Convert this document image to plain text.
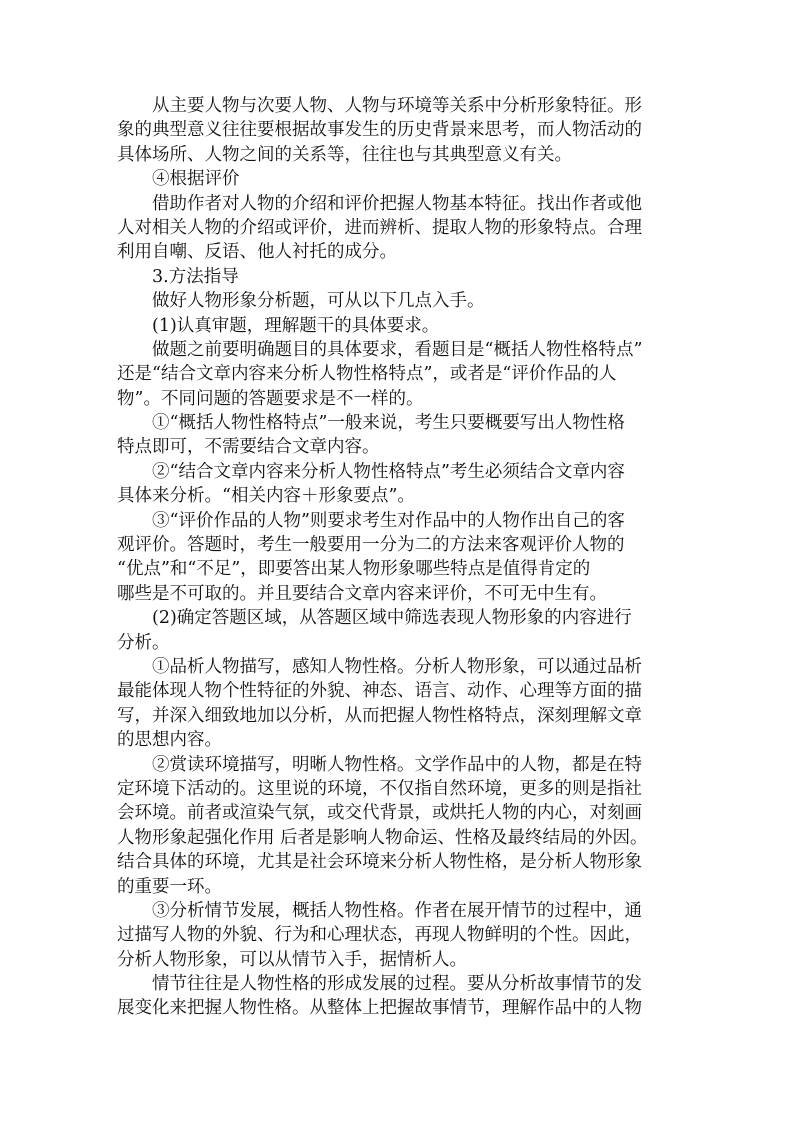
从主要人物与次要人物、人物与环境等关系中分析形象特征。形
象的典型意义往往要根据故事发生的历史背景来思考，而人物活动的
具体场所、人物之间的关系等，往往也与其典型意义有关。
④根据评价
借助作者对人物的介绍和评价把握人物基本特征。找出作者或他
人对相关人物的介绍或评价，进而辨析、提取人物的形象特点。合理
利用自嘲、反语、他人衬托的成分。
3.方法指导
做好人物形象分析题，可从以下几点入手。
(1)认真审题，理解题干的具体要求。
做题之前要明确题目的具体要求，看题目是“概括人物性格特点”
还是“结合文章内容来分析人物性格特点”，或者是“评价作品的人
物”。不同问题的答题要求是不一样的。
①“概括人物性格特点”一般来说，考生只要概要写出人物性格
特点即可，不需要结合文章内容。
②“结合文章内容来分析人物性格特点”考生必须结合文章内容
具体来分析。“相关内容＋形象要点”。
③“评价作品的人物”则要求考生对作品中的人物作出自己的客
观评价。答题时，考生一般要用一分为二的方法来客观评价人物的
“优点”和“不足”，即要答出某人物形象哪些特点是值得肯定的
哪些是不可取的。并且要结合文章内容来评价，不可无中生有。
(2)确定答题区域，从答题区域中筛选表现人物形象的内容进行
分析。
①品析人物描写，感知人物性格。分析人物形象，可以通过品析
最能体现人物个性特征的外貌、神态、语言、动作、心理等方面的描
写，并深入细致地加以分析，从而把握人物性格特点，深刻理解文章
的思想内容。
②赏读环境描写，明晰人物性格。文学作品中的人物，都是在特
定环境下活动的。这里说的环境，不仅指自然环境，更多的则是指社
会环境。前者或渲染气氛，或交代背景，或烘托人物的内心，对刻画
人物形象起强化作用 后者是影响人物命运、性格及最终结局的外因。
结合具体的环境，尤其是社会环境来分析人物性格，是分析人物形象
的重要一环。
③分析情节发展，概括人物性格。作者在展开情节的过程中，通
过描写人物的外貌、行为和心理状态，再现人物鲜明的个性。因此，
分析人物形象，可以从情节入手，据情析人。
情节往往是人物性格的形成发展的过程。要从分析故事情节的发
展变化来把握人物性格。从整体上把握故事情节，理解作品中的人物
